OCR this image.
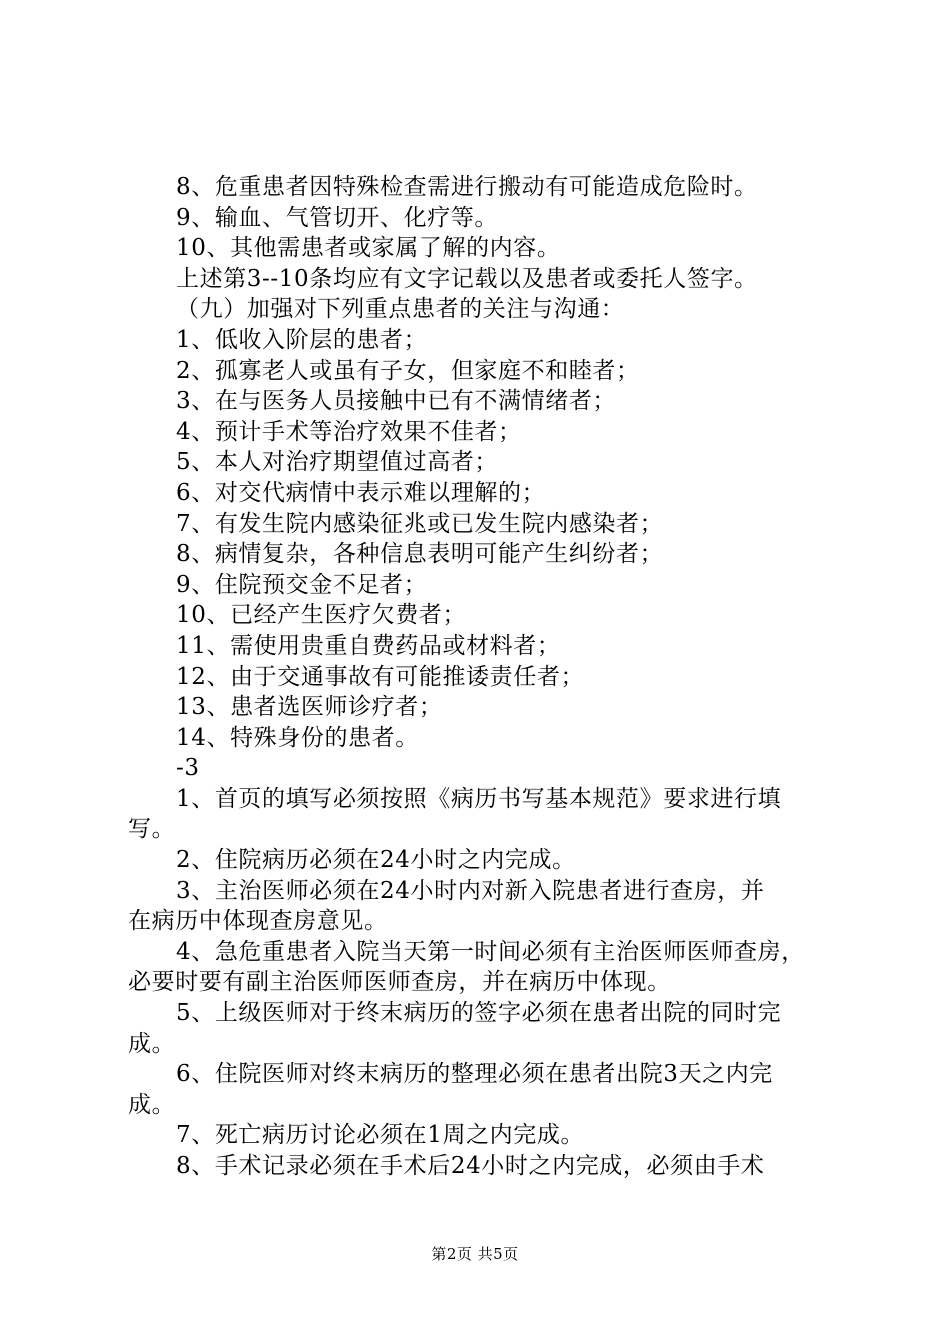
8、危重患者因特殊检查需进行搬动有可能造成危险时。
9、输血、气管切开、化疗等。
10、其他需患者或家属了解的内容。
上述第3--10条均应有文字记载以及患者或委托人签字。
（九）加强对下列重点患者的关注与沟通：
1、低收入阶层的患者；
2、孤寡老人或虽有子女，但家庭不和睦者；
3、在与医务人员接触中已有不满情绪者；
4、预计手术等治疗效果不佳者；
5、本人对治疗期望值过高者；
6、对交代病情中表示难以理解的；
7、有发生院内感染征兆或已发生院内感染者；
8、病情复杂，各种信息表明可能产生纠纷者；
9、住院预交金不足者；
10、已经产生医疗欠费者；
11、需使用贵重自费药品或材料者；
12、由于交通事故有可能推诿责任者；
13、患者选医师诊疗者；
14、特殊身份的患者。
-3
1、首页的填写必须按照《病历书写基本规范》要求进行填
写。
2、住院病历必须在24小时之内完成。
3、主治医师必须在24小时内对新入院患者进行查房，并
在病历中体现查房意见。
4、急危重患者入院当天第一时间必须有主治医师医师查房，
必要时要有副主治医师医师查房，并在病历中体现。
5、上级医师对于终末病历的签字必须在患者出院的同时完
成。
6、住院医师对终末病历的整理必须在患者出院3天之内完
成。
7、死亡病历讨论必须在1周之内完成。
8、手术记录必须在手术后24小时之内完成，必须由手术
第2页 共5页
